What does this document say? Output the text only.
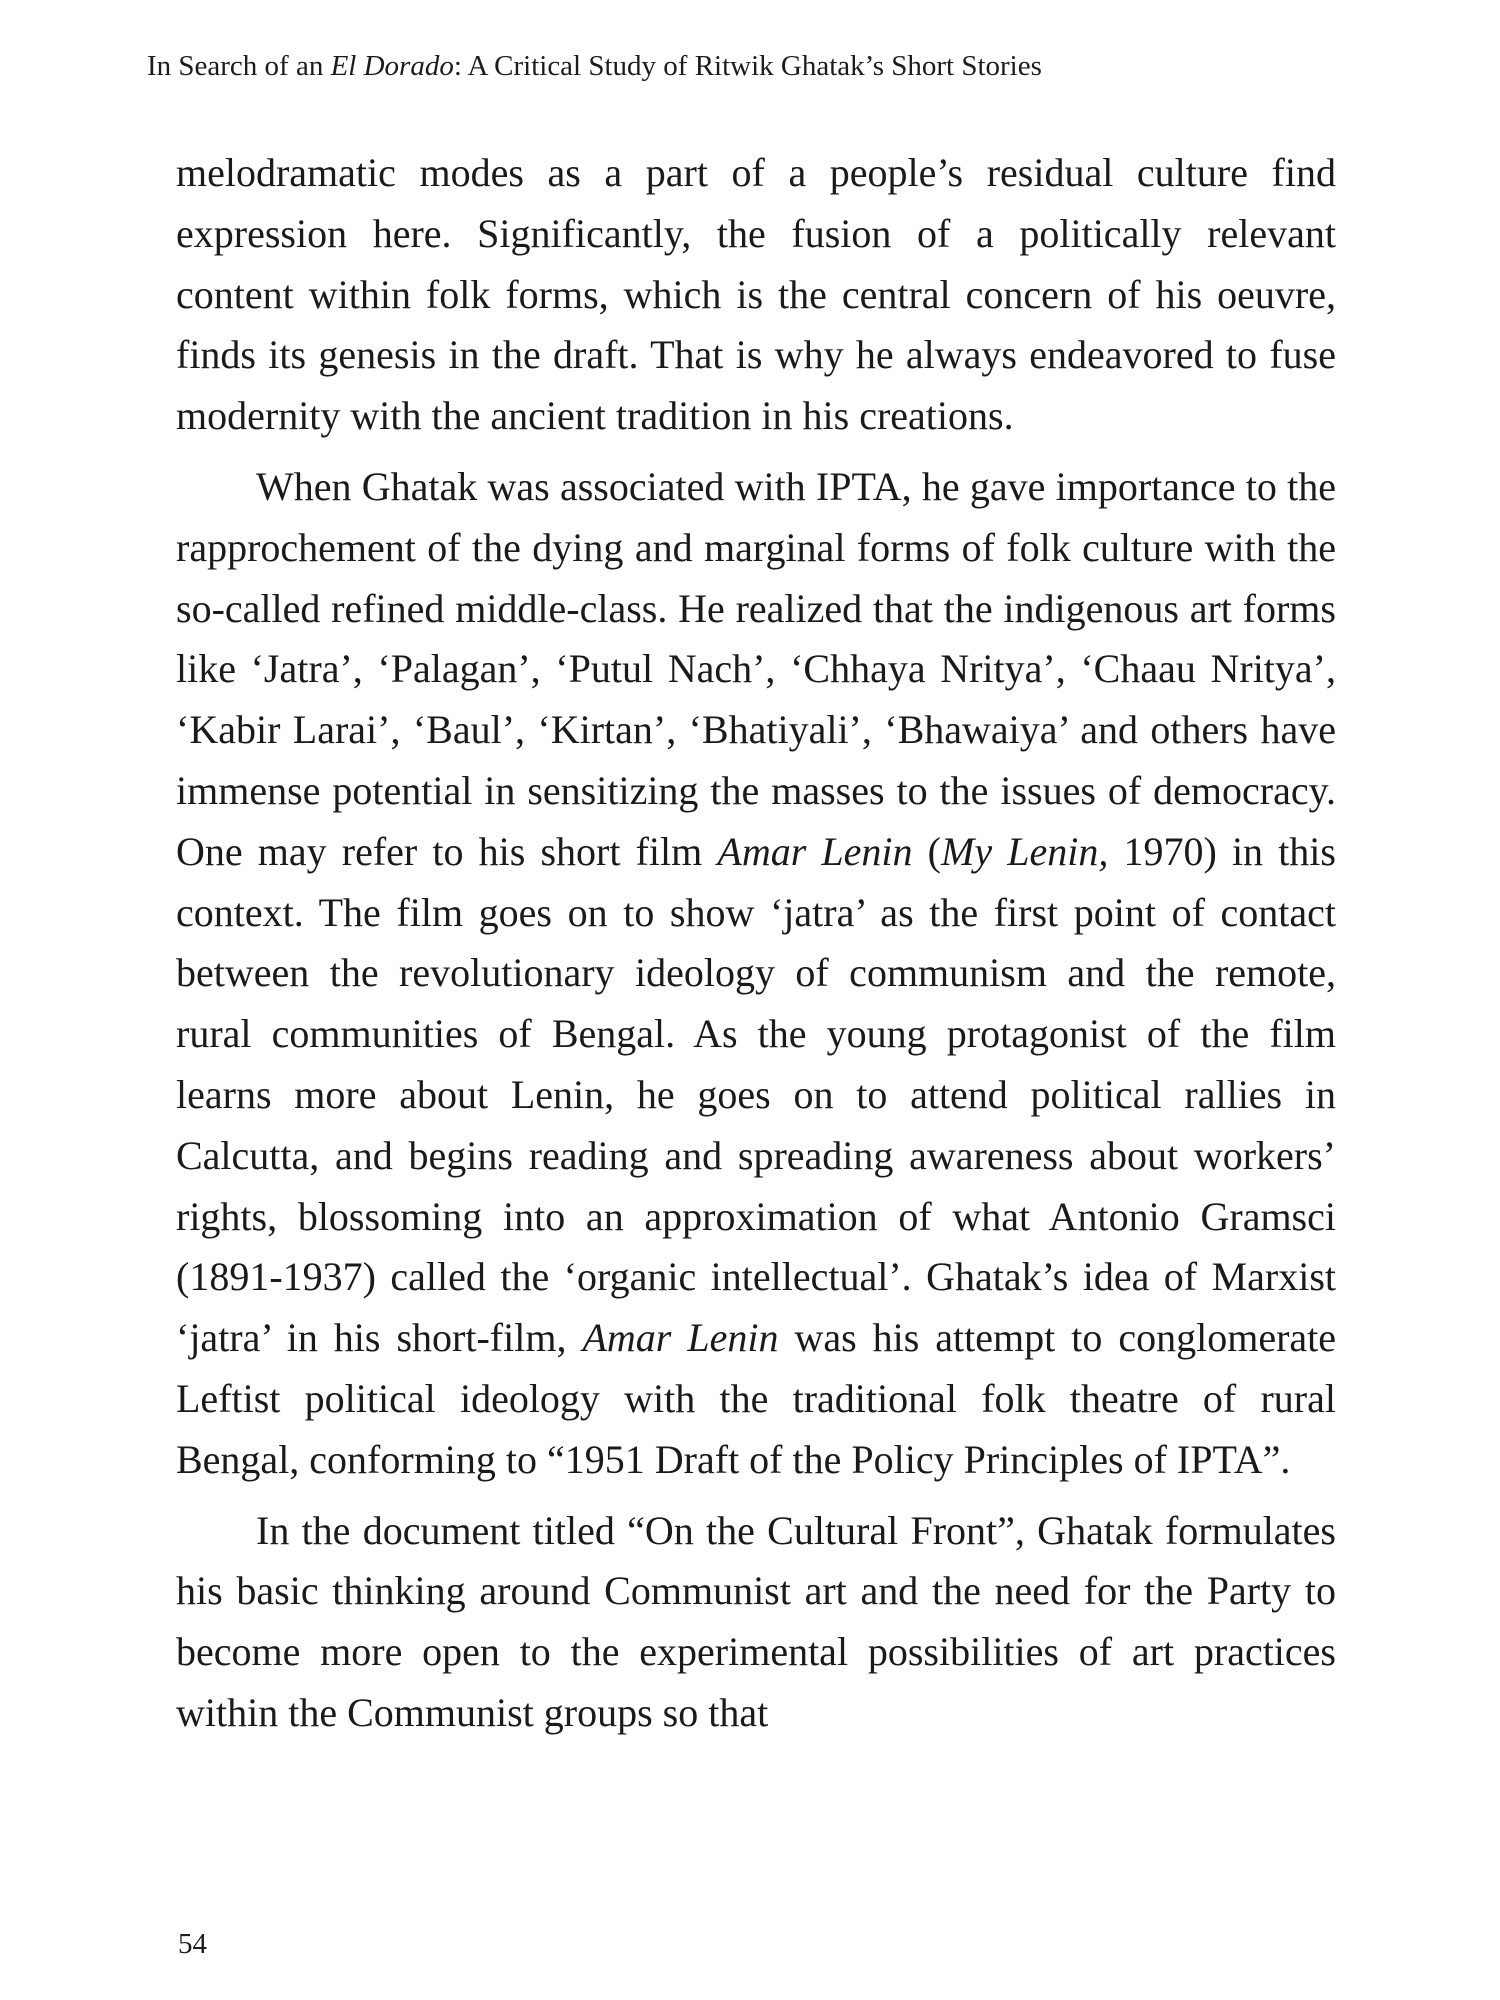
In Search of an El Dorado: A Critical Study of Ritwik Ghatak’s Short Stories

melodramatic modes as a part of a people’s residual culture find expression here. Significantly, the fusion of a politically relevant content within folk forms, which is the central concern of his oeuvre, finds its genesis in the draft. That is why he always endeavored to fuse modernity with the ancient tradition in his creations.

When Ghatak was associated with IPTA, he gave importance to the rapprochement of the dying and marginal forms of folk culture with the so-called refined middle-class. He realized that the indigenous art forms like ‘Jatra’, ‘Palagan’, ‘Putul Nach’, ‘Chhaya Nritya’, ‘Chaau Nritya’, ‘Kabir Larai’, ‘Baul’, ‘Kirtan’, ‘Bhatiyali’, ‘Bhawaiya’ and others have immense potential in sensitizing the masses to the issues of democracy. One may refer to his short film Amar Lenin (My Lenin, 1970) in this context. The film goes on to show ‘jatra’ as the first point of contact between the revolutionary ideology of communism and the remote, rural communities of Bengal. As the young protagonist of the film learns more about Lenin, he goes on to attend political rallies in Calcutta, and begins reading and spreading awareness about workers’ rights, blossoming into an approximation of what Antonio Gramsci (1891-1937) called the ‘organic intellectual’. Ghatak’s idea of Marxist ‘jatra’ in his short-film, Amar Lenin was his attempt to conglomerate Leftist political ideology with the traditional folk theatre of rural Bengal, conforming to “1951 Draft of the Policy Principles of IPTA”.

In the document titled “On the Cultural Front”, Ghatak formulates his basic thinking around Communist art and the need for the Party to become more open to the experimental possibilities of art practices within the Communist groups so that

54
